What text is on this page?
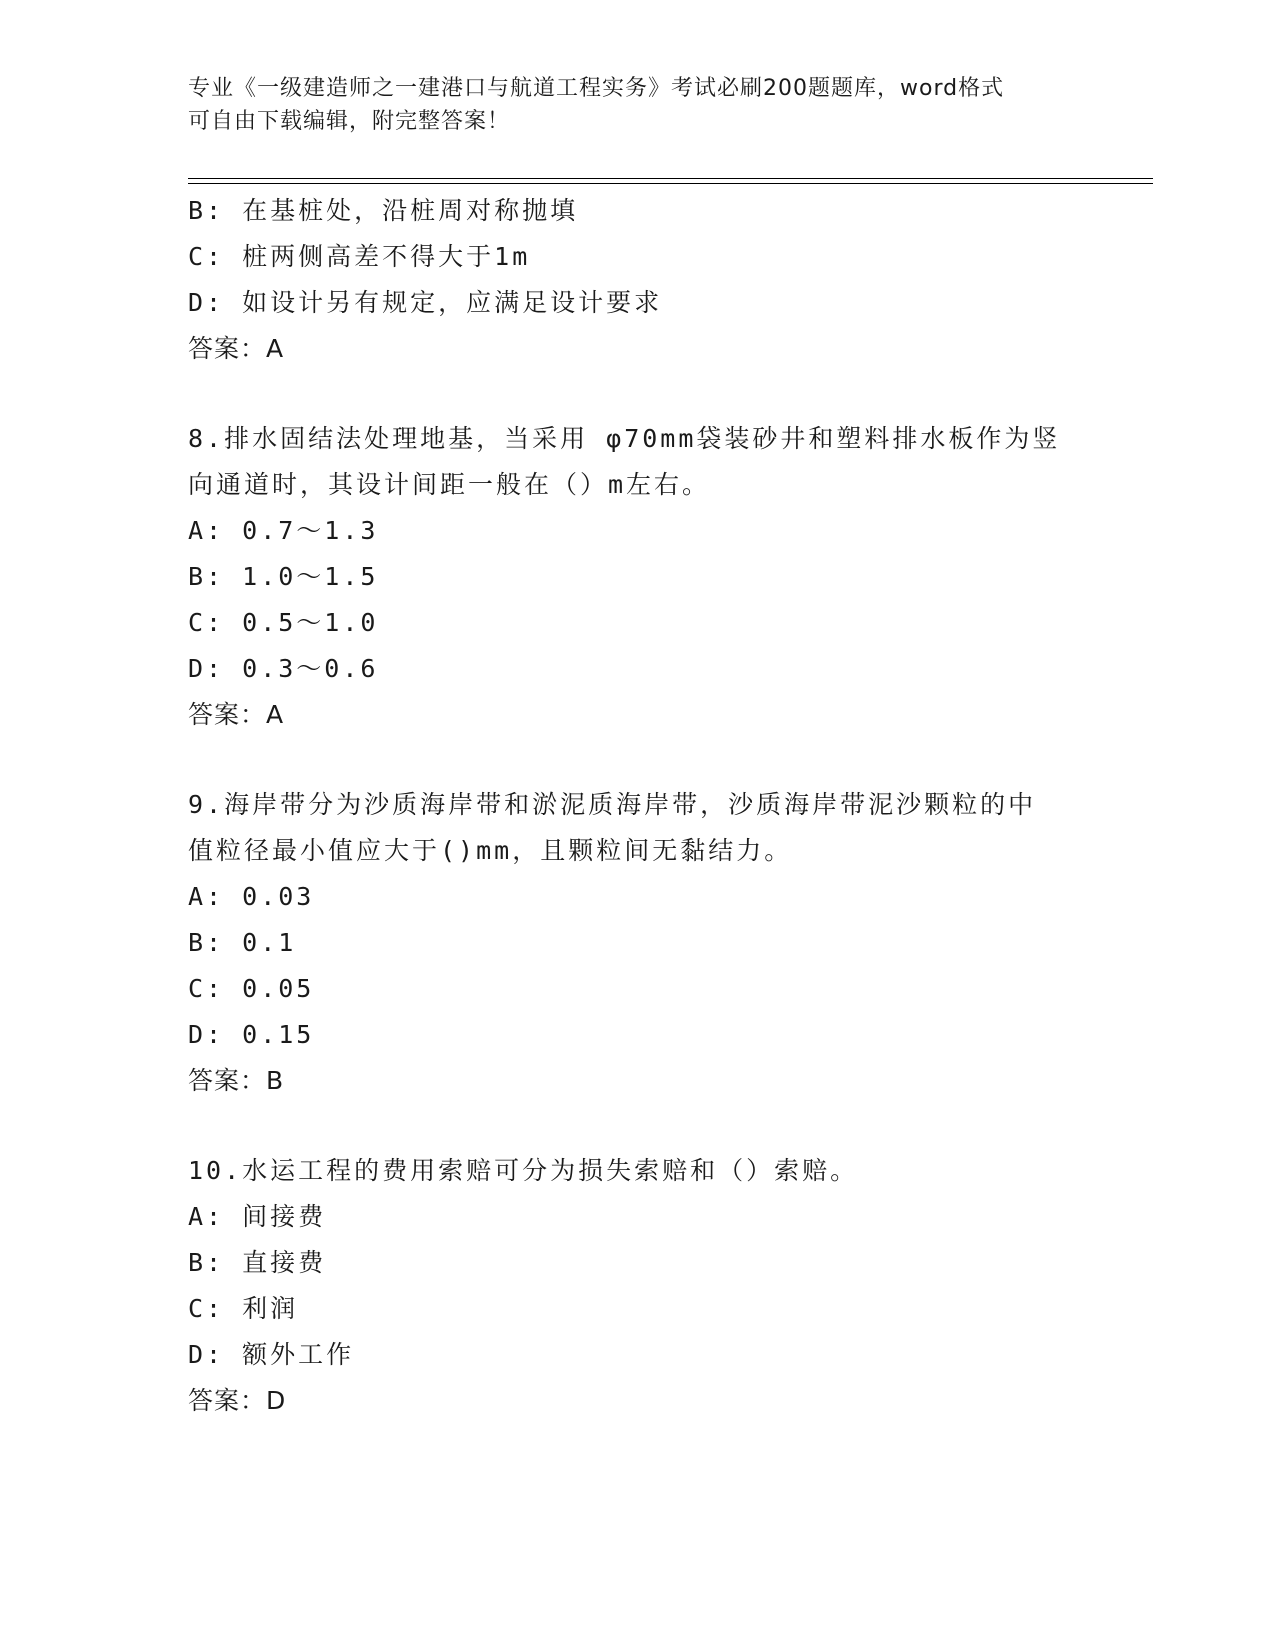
专业《一级建造师之一建港口与航道工程实务》考试必刷200题题库，word格式
可自由下载编辑，附完整答案！
B: 在基桩处，沿桩周对称抛填
C: 桩两侧高差不得大于1m
D: 如设计另有规定，应满足设计要求
答案：A
8.排水固结法处理地基，当采用 φ70mm袋装砂井和塑料排水板作为竖
向通道时，其设计间距一般在（）m左右。
A: 0.7～1.3
B: 1.0～1.5
C: 0.5～1.0
D: 0.3～0.6
答案：A
9.海岸带分为沙质海岸带和淤泥质海岸带，沙质海岸带泥沙颗粒的中
值粒径最小值应大于()mm，且颗粒间无黏结力。
A: 0.03
B: 0.1
C: 0.05
D: 0.15
答案：B
10.水运工程的费用索赔可分为损失索赔和（）索赔。
A: 间接费
B: 直接费
C: 利润
D: 额外工作
答案：D
